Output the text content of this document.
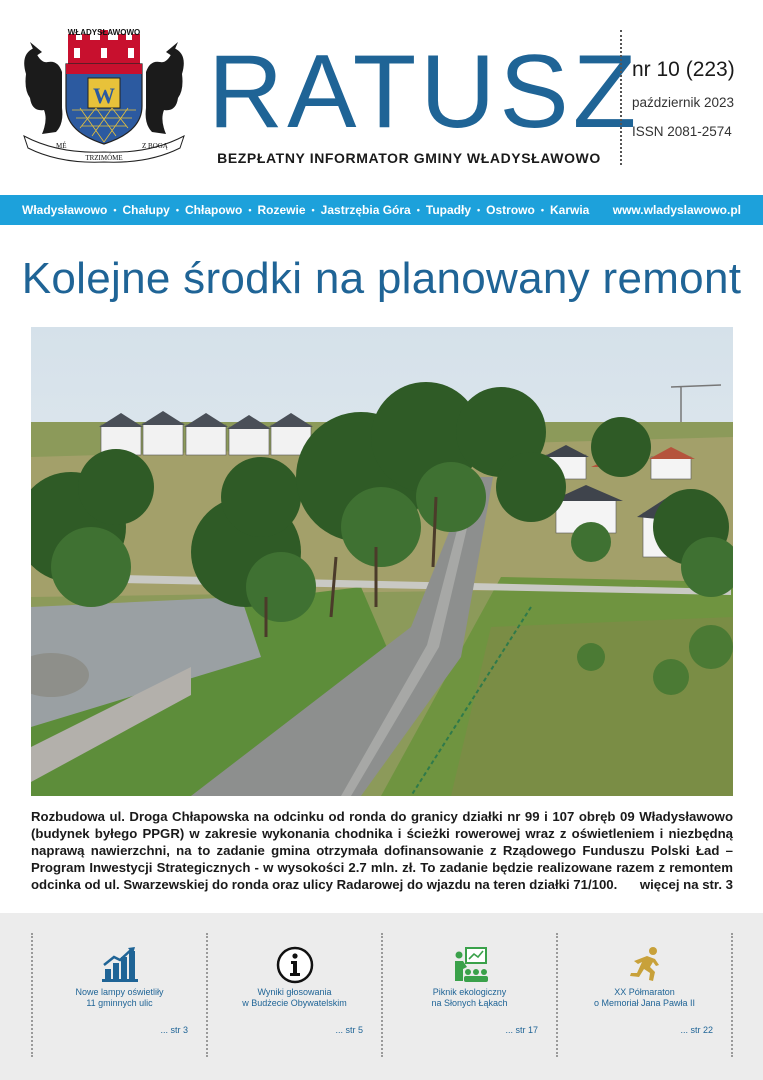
W
MÉ
TRZIMÓME
Z BOGĄ
WŁADYSŁAWOWO
RATUSZ
BEZPŁATNY INFORMATOR GMINY WŁADYSŁAWOWO
nr 10 (223)
październik 2023
ISSN 2081-2574
Władysławowo • Chałupy • Chłapowo • Rozewie • Jastrzębia Góra • Tupadły • Ostrowo • Karwia www.wladyslawowo.pl
Kolejne środki na planowany remont
Rozbudowa ul. Droga Chłapowska na odcinku od ronda do granicy działki nr 99 i 107 obręb 09 Władysławowo (budynek byłego PPGR) w zakresie wykonania chodnika i ścieżki rowerowej wraz z oświetleniem i niezbędną naprawą nawierzchni, na to zadanie gmina otrzymała dofinansowanie z Rządowego Funduszu Polski Ład – Program Inwestycji Strategicznych - w wysokości 2.7 mln. zł. To zadanie będzie realizowane razem z remontem odcinka od ul. Swarzewskiej do ronda oraz ulicy Radarowej do wjazdu na teren działki 71/100.	więcej na str. 3
Nowe lampy oświetliły
11 gminnych ulic
... str 3
Wyniki głosowania
w Budżecie Obywatelskim
... str 5
Piknik ekologiczny
na Słonych Łąkach
... str 17
XX Półmaraton
o Memoriał Jana Pawła II
... str 22
